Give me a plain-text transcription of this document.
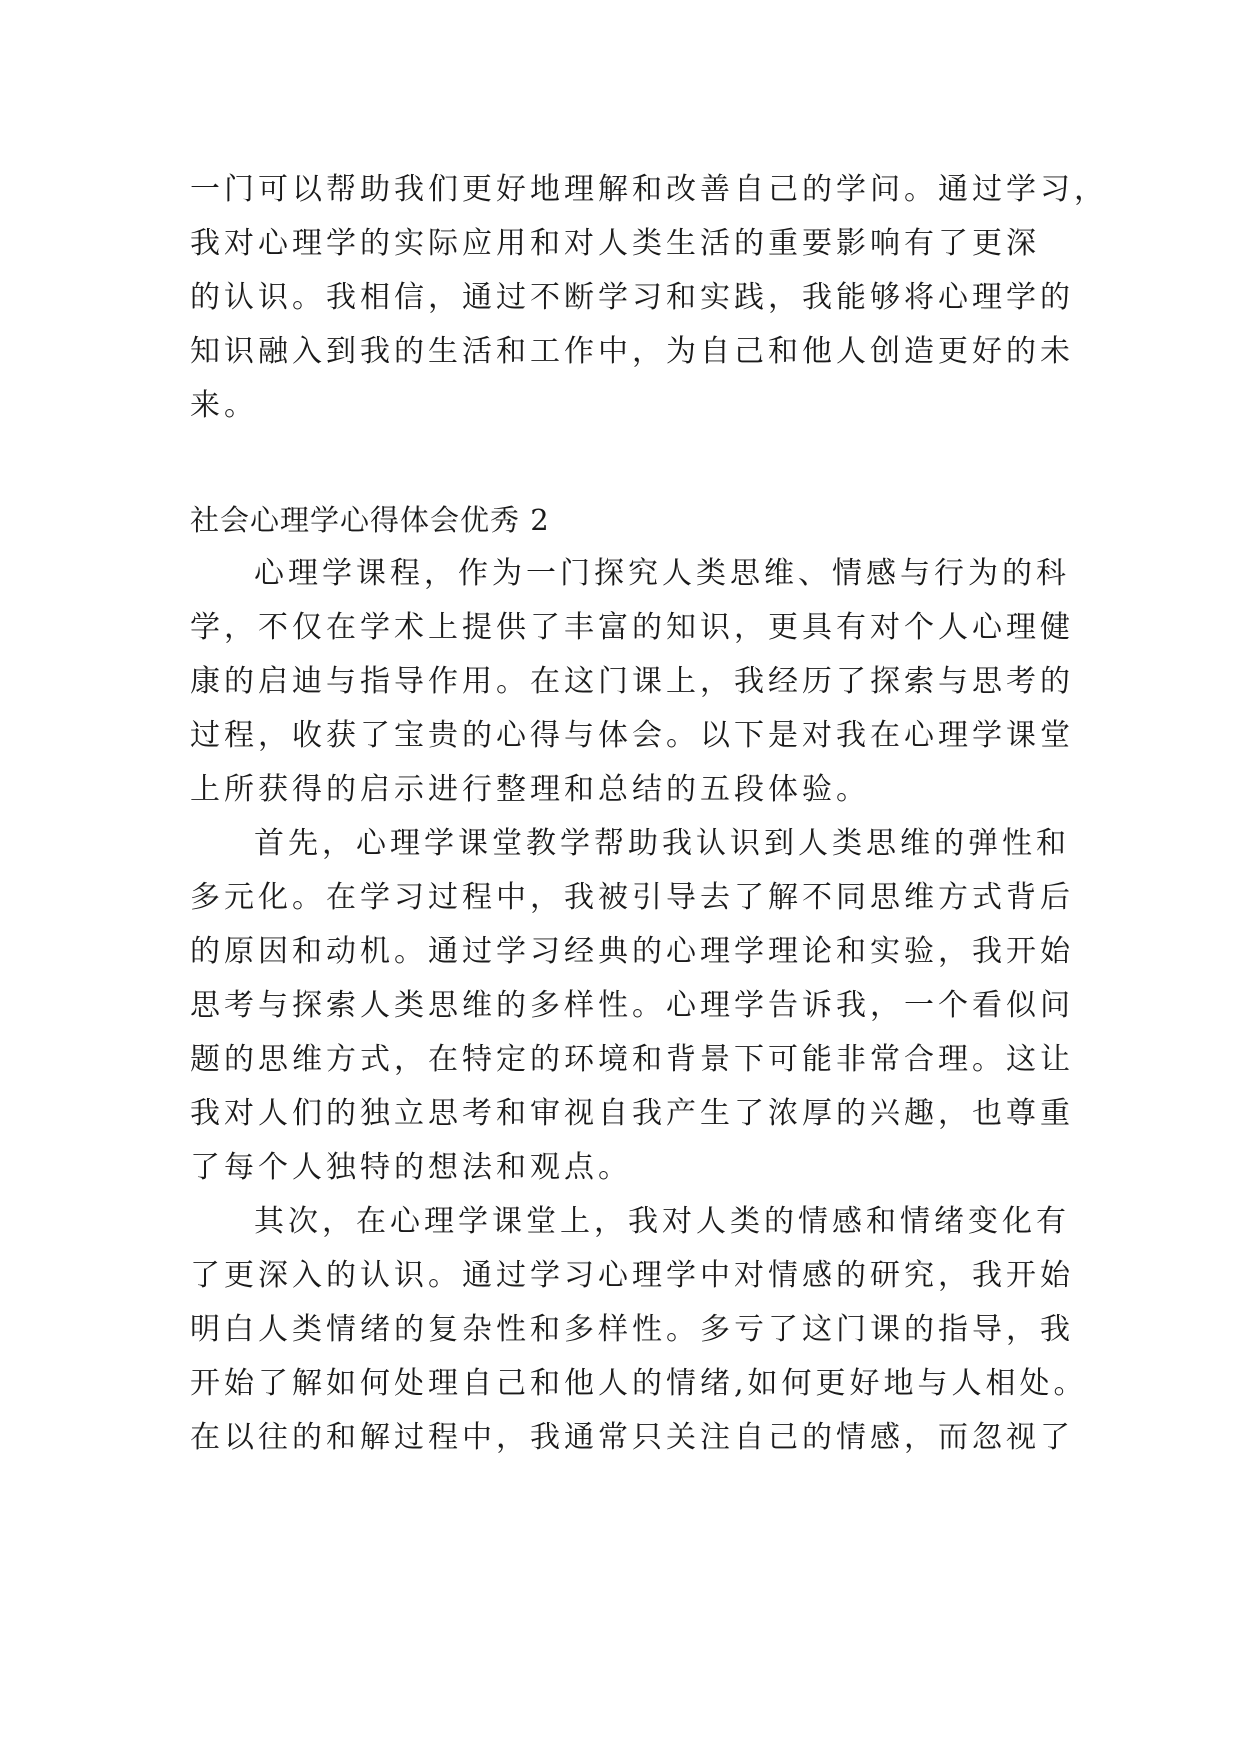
一门可以帮助我们更好地理解和改善自己的学问。通过学习，
我对心理学的实际应用和对人类生活的重要影响有了更深
的认识。我相信，通过不断学习和实践，我能够将心理学的
知识融入到我的生活和工作中，为自己和他人创造更好的未
来。
社会心理学心得体会优秀 2
心理学课程，作为一门探究人类思维、情感与行为的科
学，不仅在学术上提供了丰富的知识，更具有对个人心理健
康的启迪与指导作用。在这门课上，我经历了探索与思考的
过程，收获了宝贵的心得与体会。以下是对我在心理学课堂
上所获得的启示进行整理和总结的五段体验。
首先，心理学课堂教学帮助我认识到人类思维的弹性和
多元化。在学习过程中，我被引导去了解不同思维方式背后
的原因和动机。通过学习经典的心理学理论和实验，我开始
思考与探索人类思维的多样性。心理学告诉我，一个看似问
题的思维方式，在特定的环境和背景下可能非常合理。这让
我对人们的独立思考和审视自我产生了浓厚的兴趣，也尊重
了每个人独特的想法和观点。
其次，在心理学课堂上，我对人类的情感和情绪变化有
了更深入的认识。通过学习心理学中对情感的研究，我开始
明白人类情绪的复杂性和多样性。多亏了这门课的指导，我
开始了解如何处理自己和他人的情绪,如何更好地与人相处。
在以往的和解过程中，我通常只关注自己的情感，而忽视了
